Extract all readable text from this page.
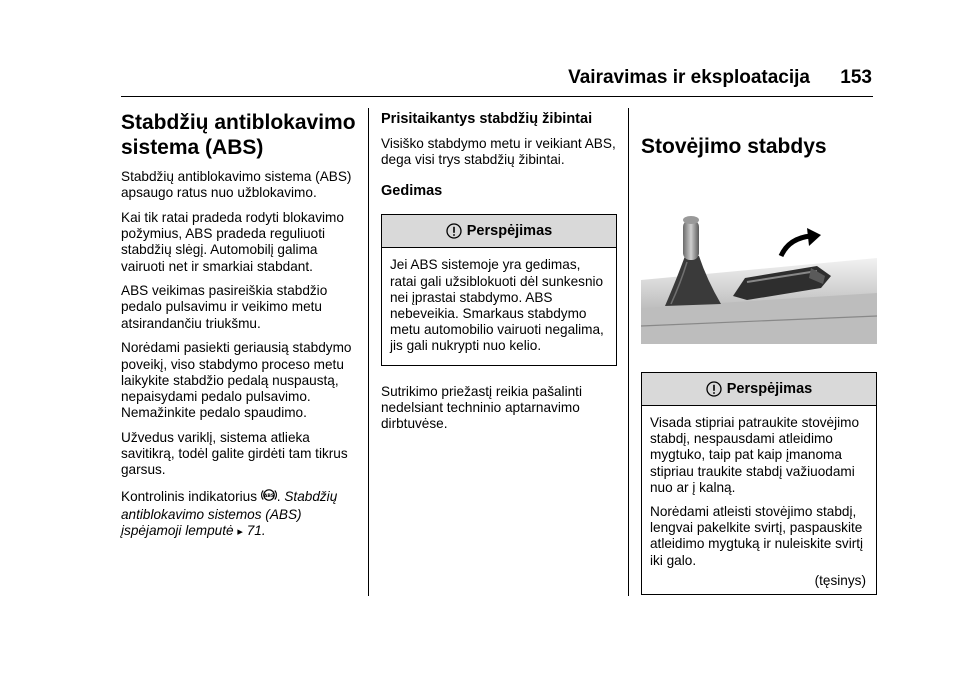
Vairavimas ir eksploatacija 153
Stabdžių antiblokavimo sistema (ABS)

Stabdžių antiblokavimo sistema (ABS) apsaugo ratus nuo užblokavimo.

Kai tik ratai pradeda rodyti blokavimo požymius, ABS pradeda reguliuoti stabdžių slėgį. Automobilį galima vairuoti net ir smarkiai stabdant.

ABS veikimas pasireiškia stabdžio pedalo pulsavimu ir veikimo metu atsirandančiu triukšmu.

Norėdami pasiekti geriausią stabdymo poveikį, viso stabdymo proceso metu laikykite stabdžio pedalą nuspaustą, nepaisydami pedalo pulsavimo. Nemažinkite pedalo spaudimo.

Užvedus variklį, sistema atlieka savitikrą, todėl galite girdėti tam tikrus garsus.

Kontrolinis indikatorius ABS . Stabdžių antiblokavimo sistemos (ABS) įspėjamoji lemputė ▸ 71.

Prisitaikantys stabdžių žibintai

Visiško stabdymo metu ir veikiant ABS, dega visi trys stabdžių žibintai.

Gedimas
Perspėjimas

Jei ABS sistemoje yra gedimas, ratai gali užsiblokuoti dėl sunkesnio nei įprastai stabdymo. ABS nebeveikia. Smarkaus stabdymo metu automobilio vairuoti negalima, jis gali nukrypti nuo kelio.

Sutrikimo priežastį reikia pašalinti nedelsiant techninio aptarnavimo dirbtuvėse.

Stovėjimo stabdys
Perspėjimas

Visada stipriai patraukite stovėjimo stabdį, nespausdami atleidimo mygtuko, taip pat kaip įmanoma stipriau traukite stabdį važiuodami nuo ar į kalną.

Norėdami atleisti stovėjimo stabdį, lengvai pakelkite svirtį, paspauskite atleidimo mygtuką ir nuleiskite svirtį iki galo.

(tęsinys)
